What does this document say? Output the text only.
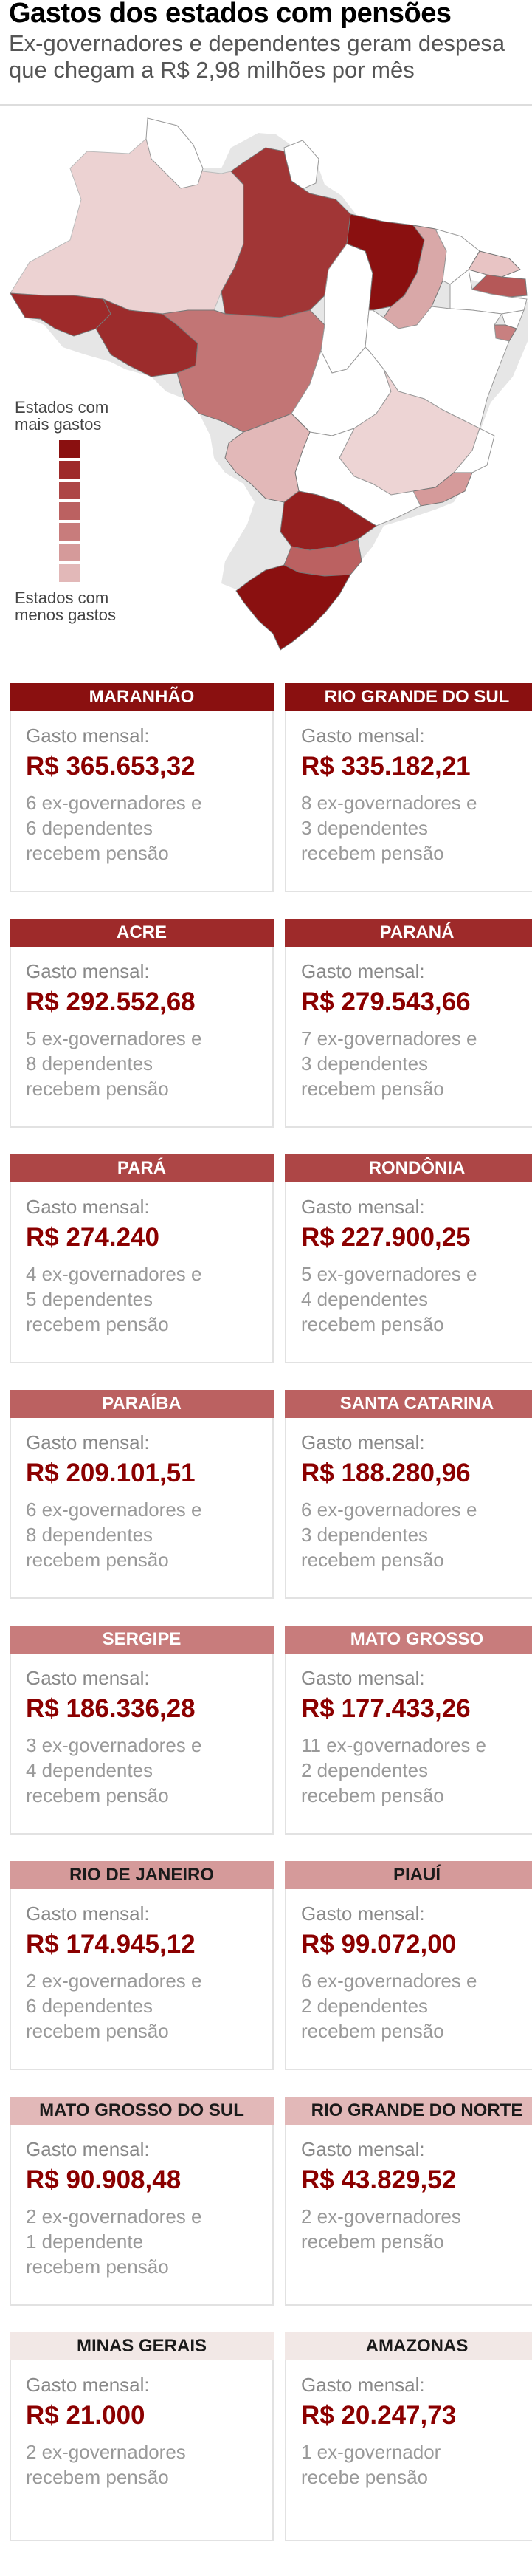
Gastos dos estados com pensões
Ex-governadores e dependentes geram despesa
que chegam a R$ 2,98 milhões por mês
Estados com
mais gastos
Estados com
menos gastos
MARANHÃO
Gasto mensal:
R$ 365.653,32
6 ex-governadores e
6 dependentes
recebem pensão
RIO GRANDE DO SUL
Gasto mensal:
R$ 335.182,21
8 ex-governadores e
3 dependentes
recebem pensão
ACRE
Gasto mensal:
R$ 292.552,68
5 ex-governadores e
8 dependentes
recebem pensão
PARANÁ
Gasto mensal:
R$ 279.543,66
7 ex-governadores e
3 dependentes
recebem pensão
PARÁ
Gasto mensal:
R$ 274.240
4 ex-governadores e
5 dependentes
recebem pensão
RONDÔNIA
Gasto mensal:
R$ 227.900,25
5 ex-governadores e
4 dependentes
recebem pensão
PARAÍBA
Gasto mensal:
R$ 209.101,51
6 ex-governadores e
8 dependentes
recebem pensão
SANTA CATARINA
Gasto mensal:
R$ 188.280,96
6 ex-governadores e
3 dependentes
recebem pensão
SERGIPE
Gasto mensal:
R$ 186.336,28
3 ex-governadores e
4 dependentes
recebem pensão
MATO GROSSO
Gasto mensal:
R$ 177.433,26
11 ex-governadores e
2 dependentes
recebem pensão
RIO DE JANEIRO
Gasto mensal:
R$ 174.945,12
2 ex-governadores e
6 dependentes
recebem pensão
PIAUÍ
Gasto mensal:
R$ 99.072,00
6 ex-governadores e
2 dependentes
recebem pensão
MATO GROSSO DO SUL
Gasto mensal:
R$ 90.908,48
2 ex-governadores e
1 dependente
recebem pensão
RIO GRANDE DO NORTE
Gasto mensal:
R$ 43.829,52
2 ex-governadores
recebem pensão
MINAS GERAIS
Gasto mensal:
R$ 21.000
2 ex-governadores
recebem pensão
AMAZONAS
Gasto mensal:
R$ 20.247,73
1 ex-governador
recebe pensão
